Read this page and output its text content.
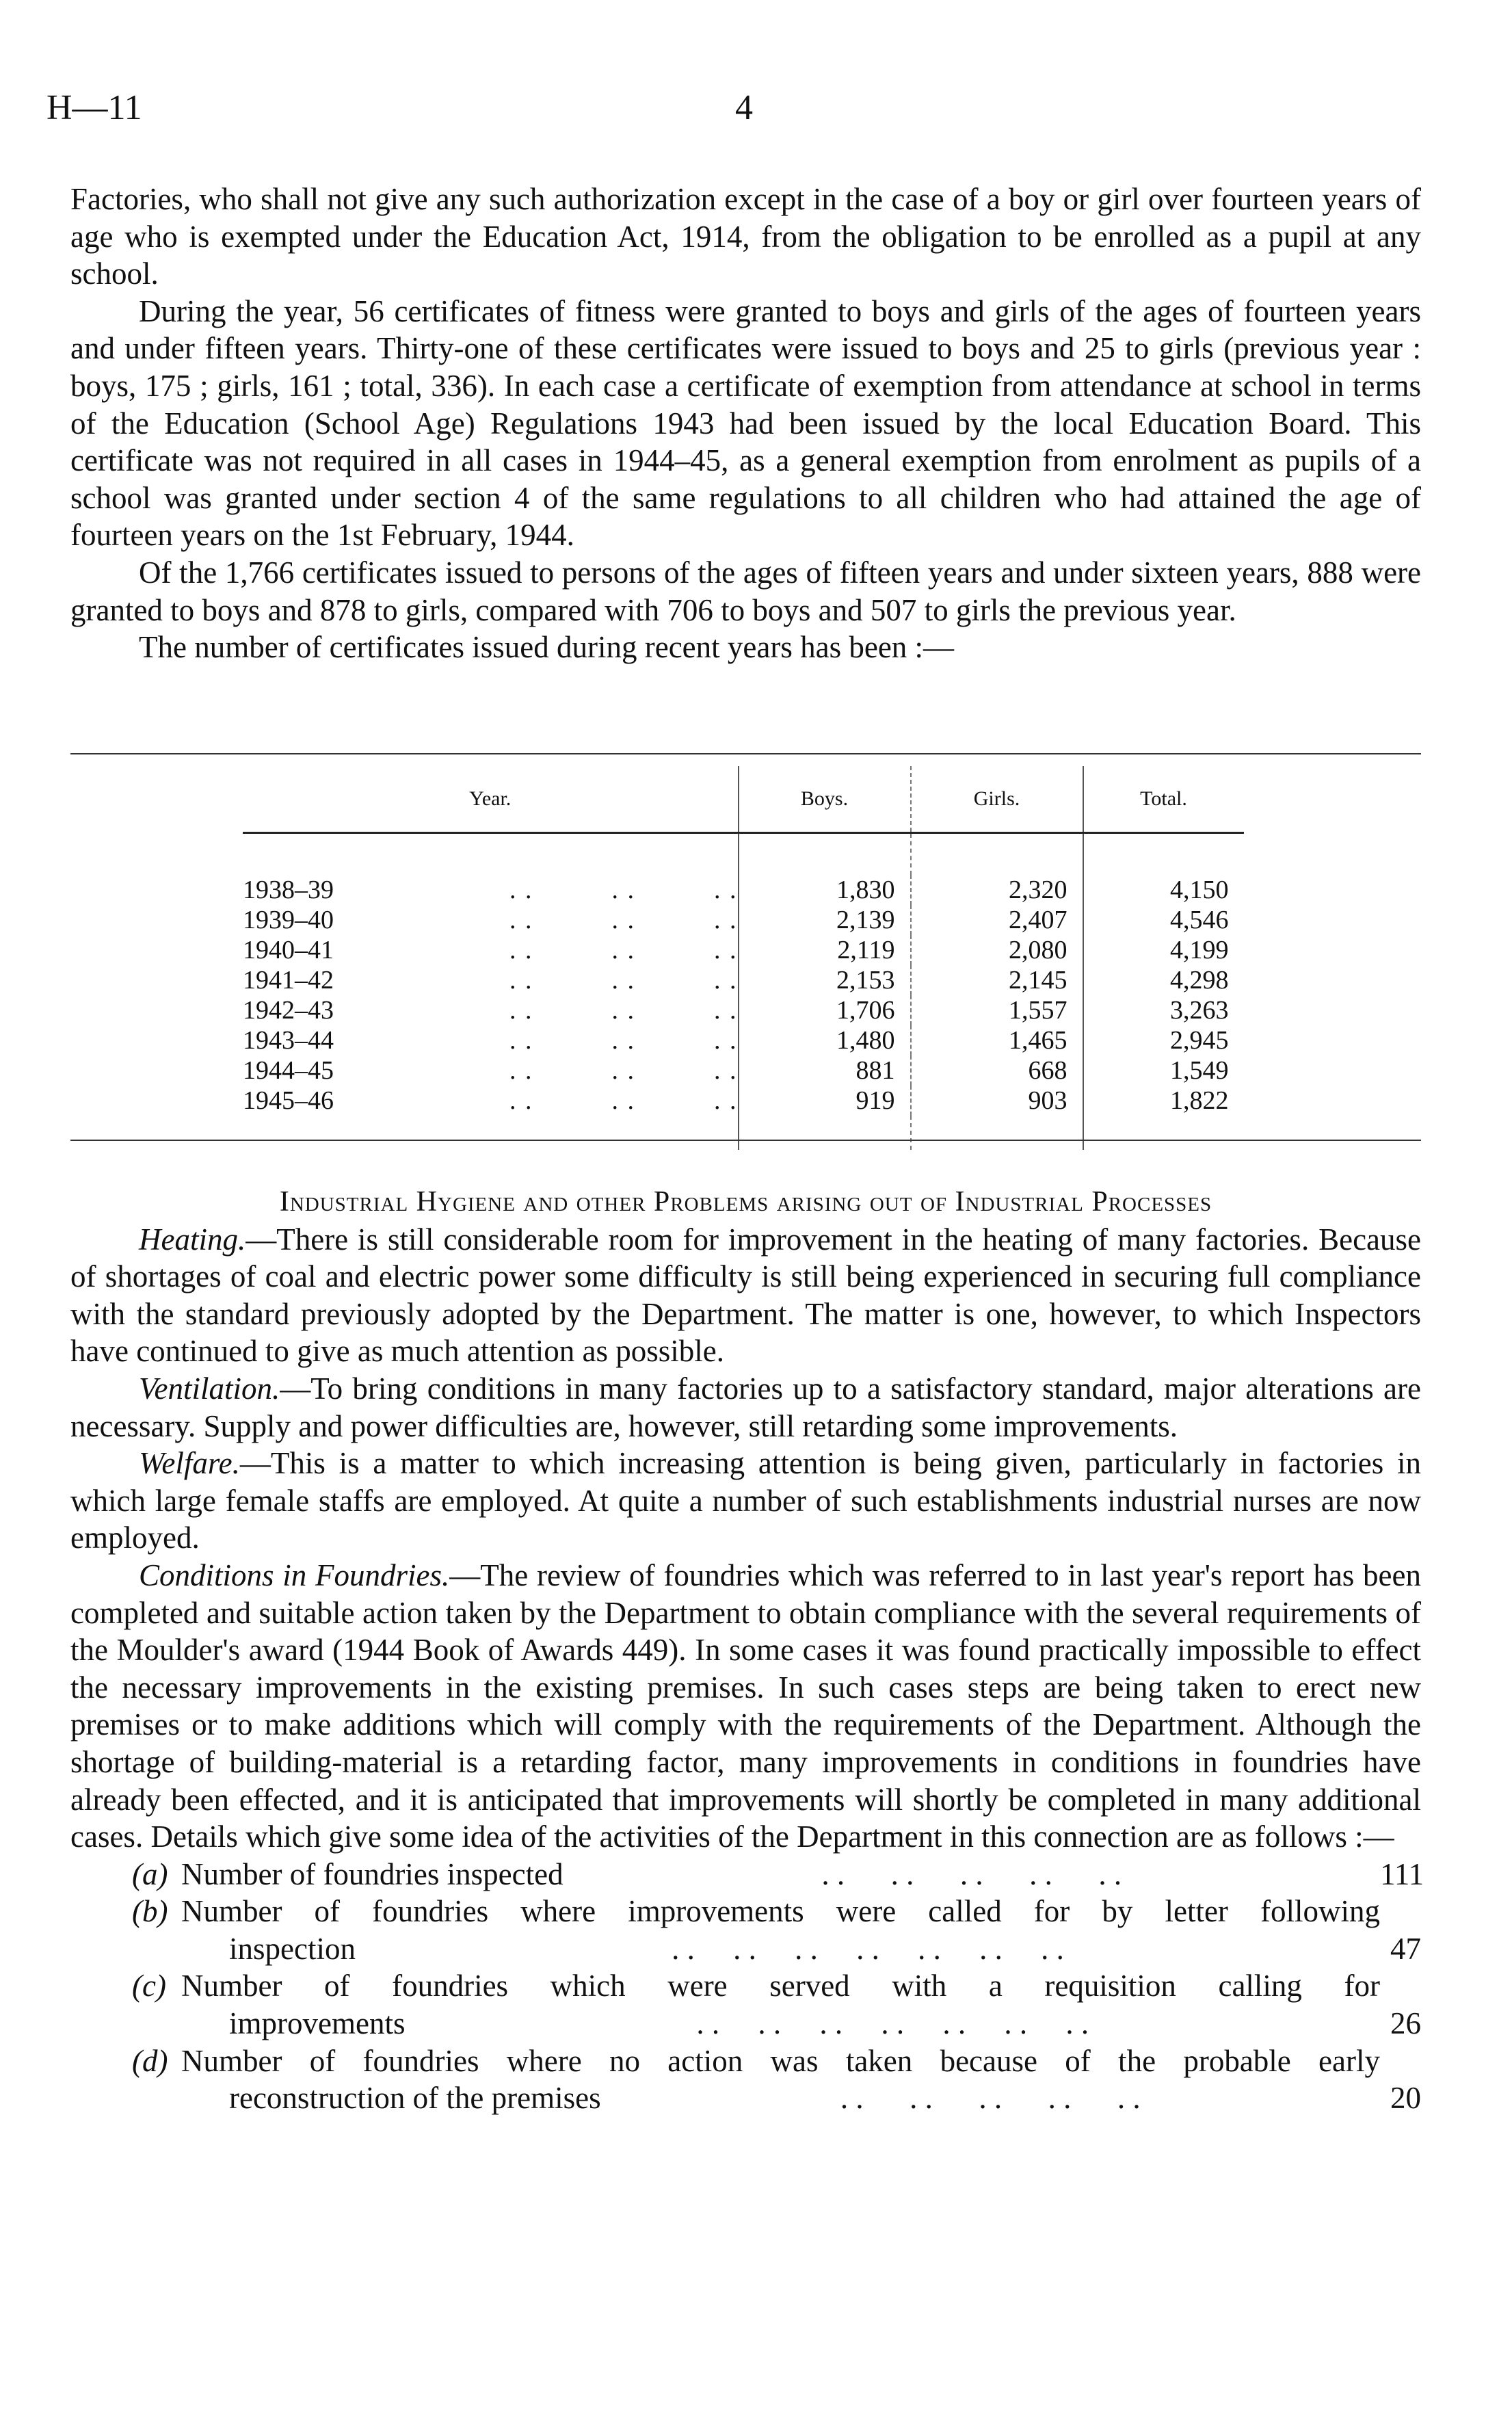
H—11	4

Factories, who shall not give any such authorization except in the case of a boy or girl over fourteen years of age who is exempted under the Education Act, 1914, from the obligation to be enrolled as a pupil at any school.

During the year, 56 certificates of fitness were granted to boys and girls of the ages of fourteen years and under fifteen years. Thirty-one of these certificates were issued to boys and 25 to girls (previous year : boys, 175 ; girls, 161 ; total, 336). In each case a certificate of exemption from attendance at school in terms of the Education (School Age) Regulations 1943 had been issued by the local Education Board. This certificate was not required in all cases in 1944–45, as a general exemption from enrolment as pupils of a school was granted under section 4 of the same regulations to all children who had attained the age of fourteen years on the 1st February, 1944.

Of the 1,766 certificates issued to persons of the ages of fifteen years and under sixteen years, 888 were granted to boys and 878 to girls, compared with 706 to boys and 507 to girls the previous year.

The number of certificates issued during recent years has been :—

Year.		Boys.	Girls.	Total.

1938–39	. .          . .          . .	1,830	2,320	4,150
1939–40	. .          . .          . .	2,139	2,407	4,546
1940–41	. .          . .          . .	2,119	2,080	4,199
1941–42	. .          . .          . .	2,153	2,145	4,298
1942–43	. .          . .          . .	1,706	1,557	3,263
1943–44	. .          . .          . .	1,480	1,465	2,945
1944–45	. .          . .          . .	881	668	1,549
1945–46	. .          . .          . .	919	903	1,822

Industrial Hygiene and other Problems arising out of Industrial Processes

Heating.—There is still considerable room for improvement in the heating of many factories. Because of shortages of coal and electric power some difficulty is still being experienced in securing full compliance with the standard previously adopted by the Department. The matter is one, however, to which Inspectors have continued to give as much attention as possible.

Ventilation.—To bring conditions in many factories up to a satisfactory standard, major alterations are necessary. Supply and power difficulties are, however, still retarding some improvements.

Welfare.—This is a matter to which increasing attention is being given, particularly in factories in which large female staffs are employed. At quite a number of such establishments industrial nurses are now employed.

Conditions in Foundries.—The review of foundries which was referred to in last year's report has been completed and suitable action taken by the Department to obtain compliance with the several requirements of the Moulder's award (1944 Book of Awards 449). In some cases it was found practically impossible to effect the necessary improvements in the existing premises. In such cases steps are being taken to erect new premises or to make additions which will comply with the requirements of the Department. Although the shortage of building-material is a retarding factor, many improvements in conditions in foundries have already been effected, and it is anticipated that improvements will shortly be completed in many additional cases. Details which give some idea of the activities of the Department in this connection are as follows :—

(a) Number of foundries inspected	. .      . .      . .      . .      . .	111
(b) Number of foundries where improvements were called for by letter following
inspection	. .     . .     . .     . .     . .     . .     . .	47
(c) Number of foundries which were served with a requisition calling for
improvements	. .     . .     . .     . .     . .     . .     . .	26
(d) Number of foundries where no action was taken because of the probable early
reconstruction of the premises	. .      . .      . .      . .      . .	20
